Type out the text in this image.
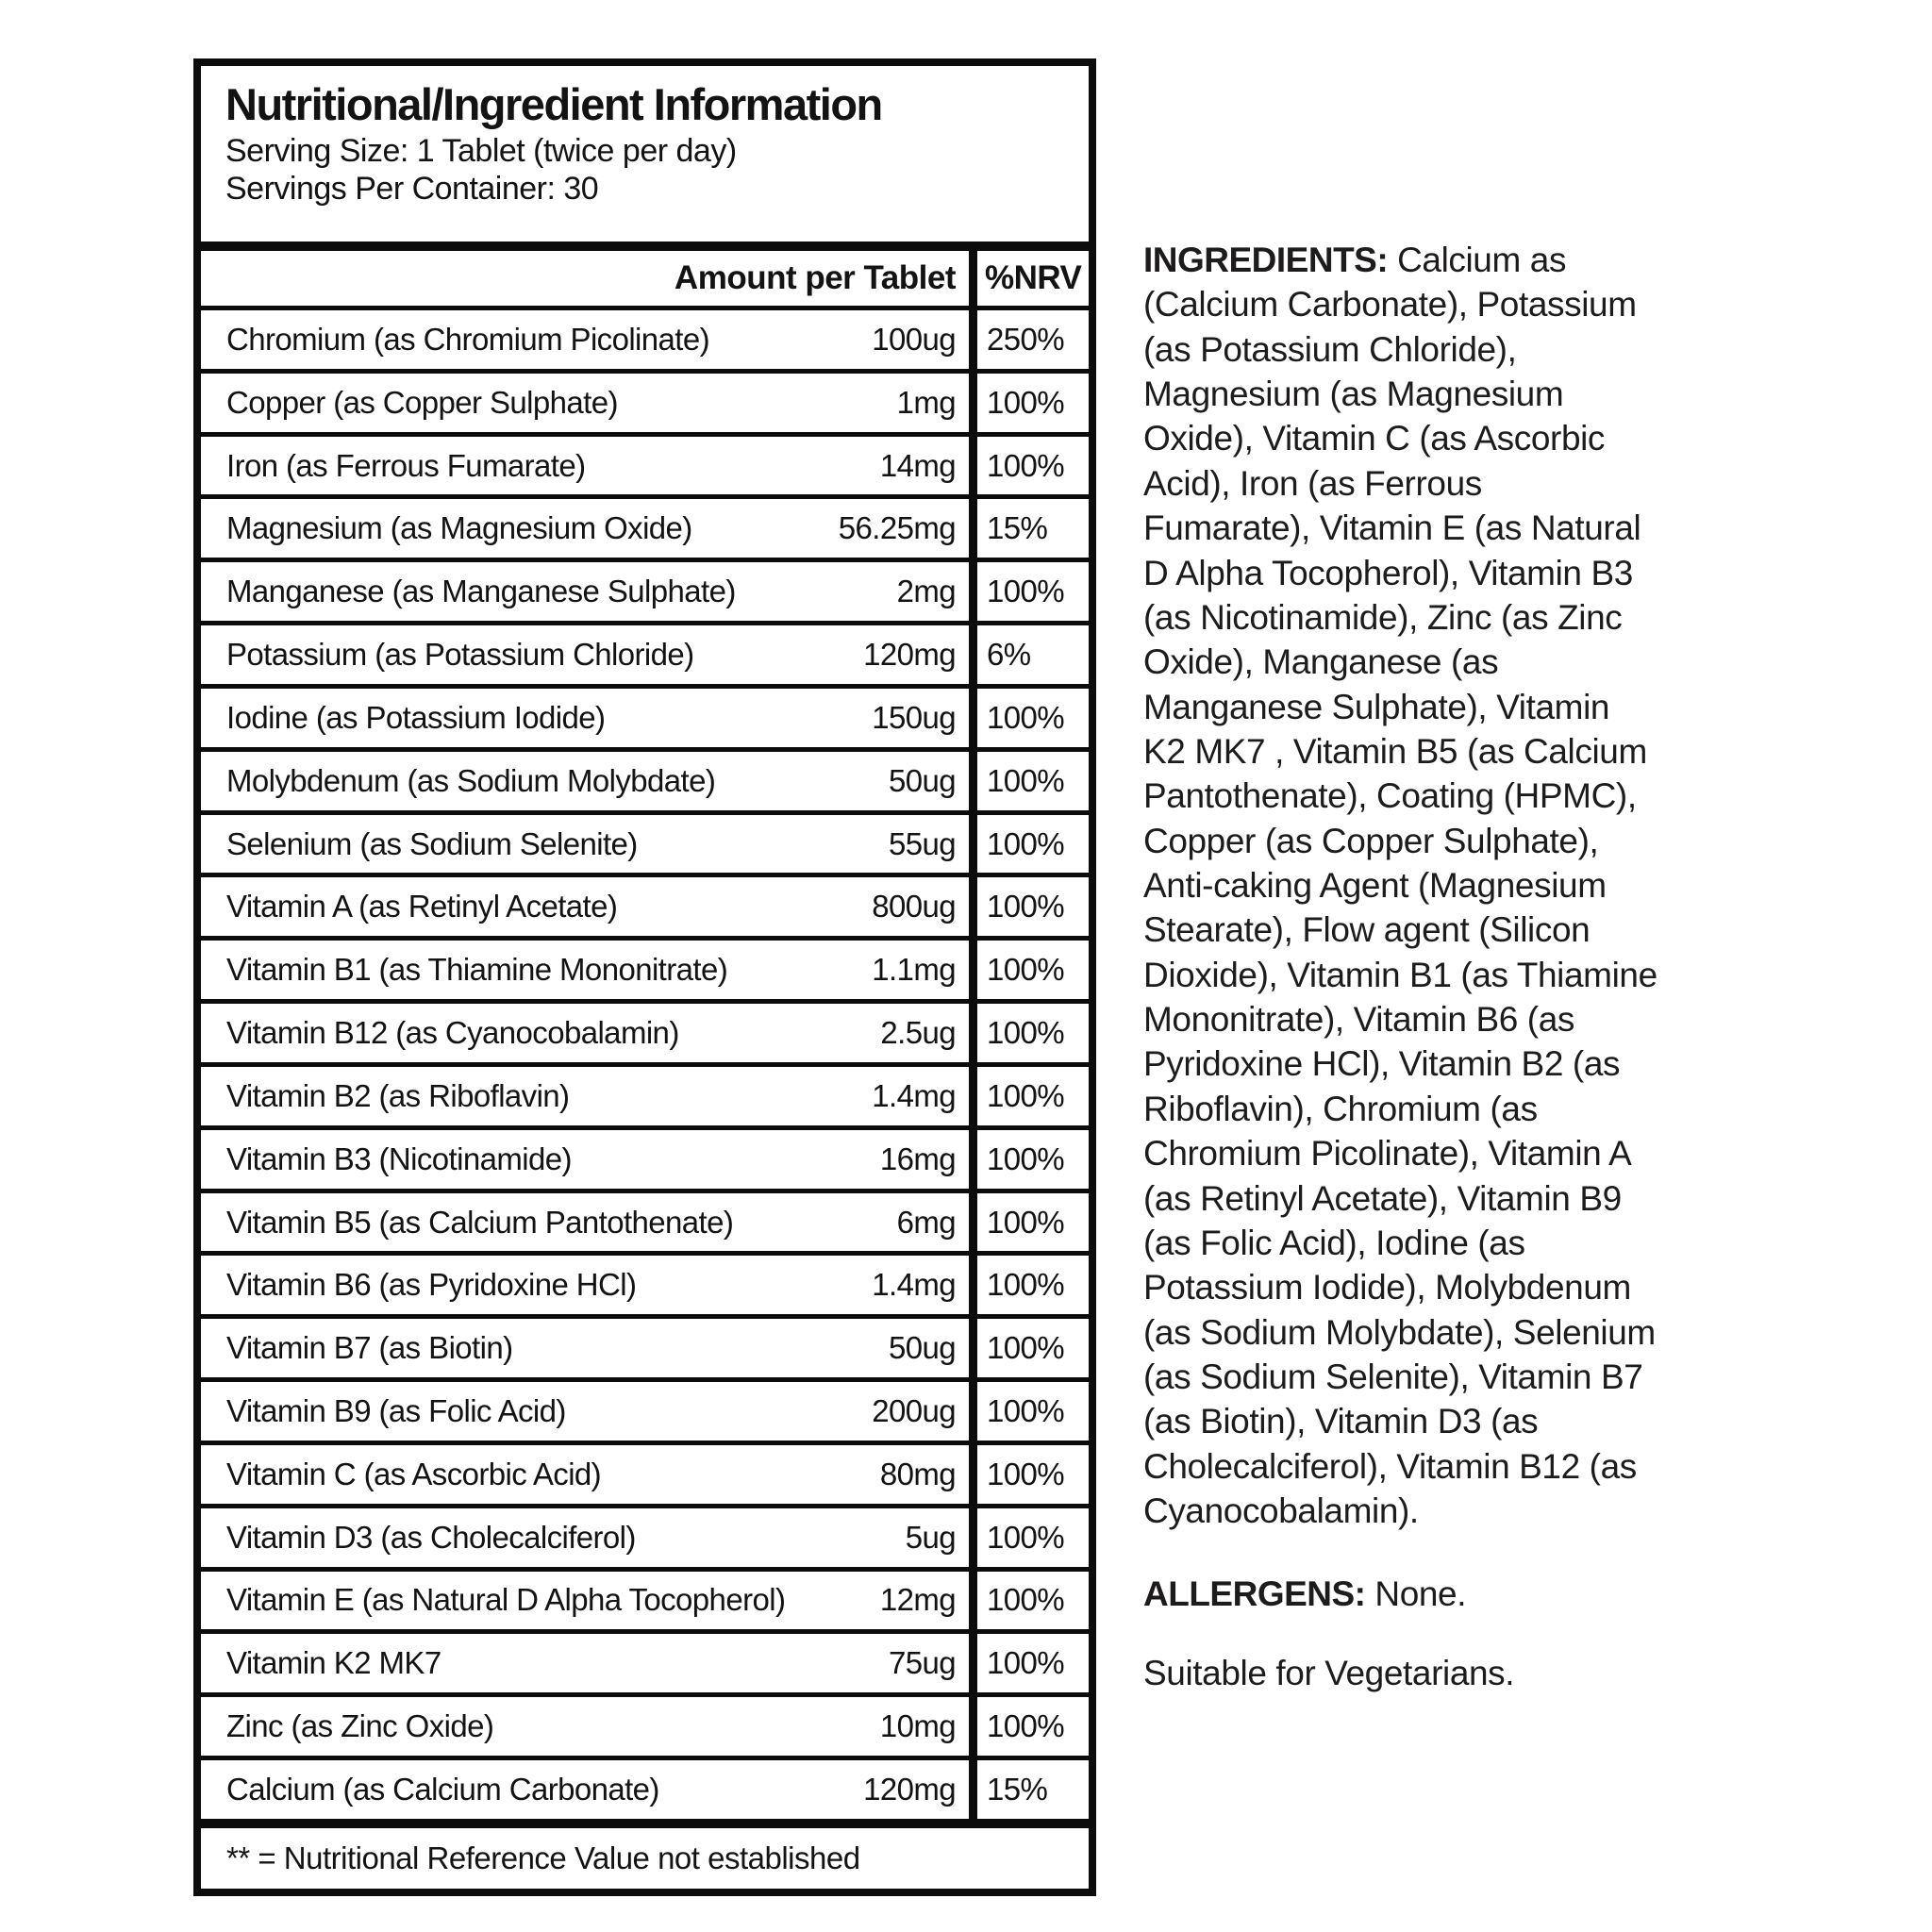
Nutritional/Ingredient Information

Serving Size: 1 Tablet (twice per day)

Servings Per Container: 30

Amount per Tablet %NRV
Chromium (as Chromium Picolinate)	100ug	250%
Copper (as Copper Sulphate)	1mg	100%
Iron (as Ferrous Fumarate)	14mg	100%
Magnesium (as Magnesium Oxide)	56.25mg	15%
Manganese (as Manganese Sulphate)	2mg	100%
Potassium (as Potassium Chloride)	120mg	6%
Iodine (as Potassium Iodide)	150ug	100%
Molybdenum (as Sodium Molybdate)	50ug	100%
Selenium (as Sodium Selenite)	55ug	100%
Vitamin A (as Retinyl Acetate)	800ug	100%
Vitamin B1 (as Thiamine Mononitrate)	1.1mg	100%
Vitamin B12 (as Cyanocobalamin)	2.5ug	100%
Vitamin B2 (as Riboflavin)	1.4mg	100%
Vitamin B3 (Nicotinamide)	16mg	100%
Vitamin B5 (as Calcium Pantothenate)	6mg	100%
Vitamin B6 (as Pyridoxine HCl)	1.4mg	100%
Vitamin B7 (as Biotin)	50ug	100%
Vitamin B9 (as Folic Acid)	200ug	100%
Vitamin C (as Ascorbic Acid)	80mg	100%
Vitamin D3 (as Cholecalciferol)	5ug	100%
Vitamin E (as Natural D Alpha Tocopherol)	12mg	100%
Vitamin K2 MK7	75ug	100%
Zinc (as Zinc Oxide)	10mg	100%
Calcium (as Calcium Carbonate)	120mg	15%
** = Nutritional Reference Value not established

INGREDIENTS: Calcium as (Calcium Carbonate), Potassium (as Potassium Chloride), Magnesium (as Magnesium Oxide), Vitamin C (as Ascorbic Acid), Iron (as Ferrous Fumarate), Vitamin E (as Natural D Alpha Tocopherol), Vitamin B3 (as Nicotinamide), Zinc (as Zinc Oxide), Manganese (as Manganese Sulphate), Vitamin K2 MK7 , Vitamin B5 (as Calcium Pantothenate), Coating (HPMC), Copper (as Copper Sulphate), Anti-caking Agent (Magnesium Stearate), Flow agent (Silicon Dioxide), Vitamin B1 (as Thiamine Mononitrate), Vitamin B6 (as Pyridoxine HCl), Vitamin B2 (as Riboflavin), Chromium (as Chromium Picolinate), Vitamin A (as Retinyl Acetate), Vitamin B9 (as Folic Acid), Iodine (as Potassium Iodide), Molybdenum (as Sodium Molybdate), Selenium (as Sodium Selenite), Vitamin B7 (as Biotin), Vitamin D3 (as Cholecalciferol), Vitamin B12 (as Cyanocobalamin).

ALLERGENS: None.

Suitable for Vegetarians.
